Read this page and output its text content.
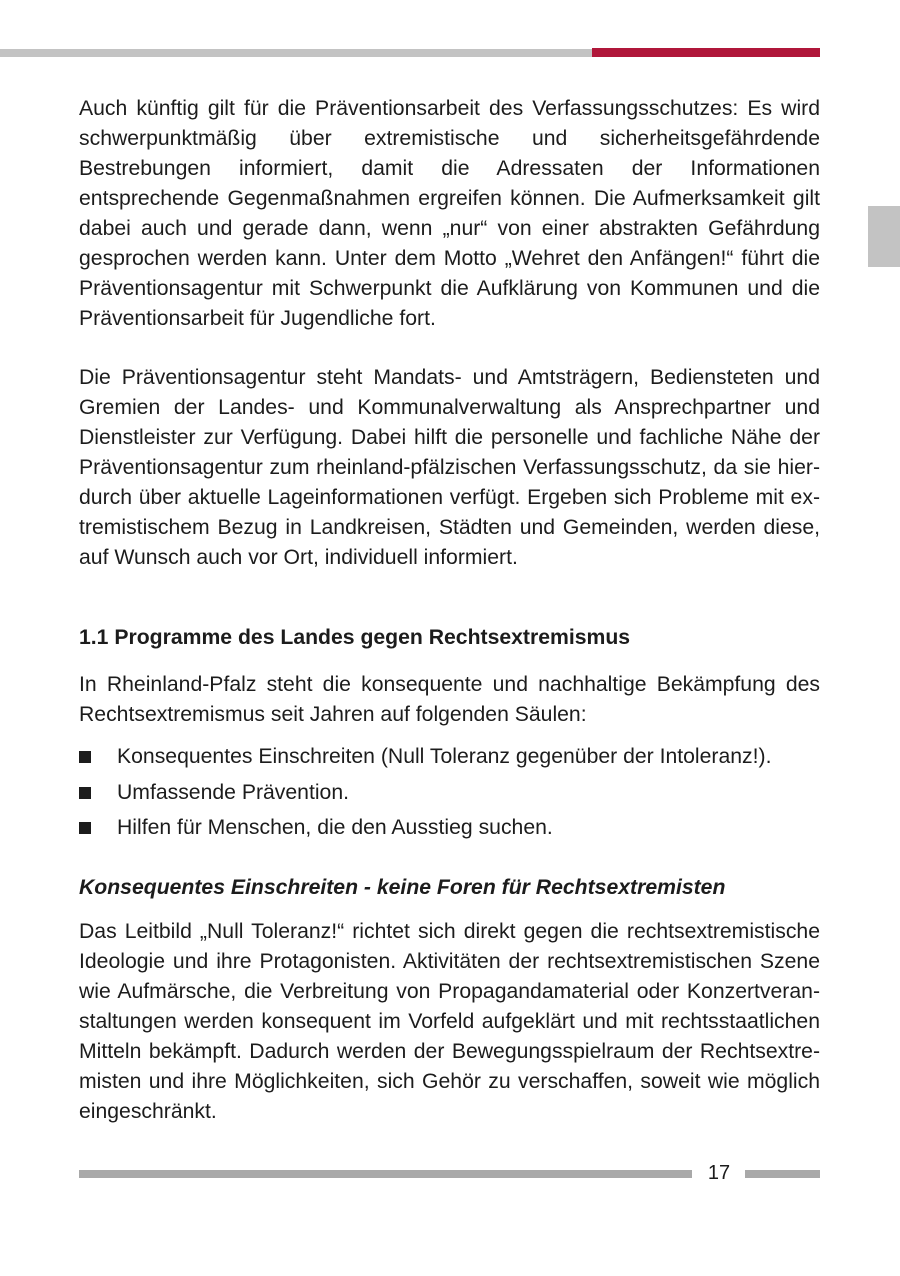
Auch künftig gilt für die Präventionsarbeit des Verfassungsschutzes: Es wird schwerpunktmäßig über extremistische und sicherheitsgefährdende Bestrebungen informiert, damit die Adressaten der Informationen entsprechende Gegenmaßnahmen ergreifen können. Die Aufmerksamkeit gilt dabei auch und gerade dann, wenn „nur“ von einer abstrakten Gefährdung gesprochen werden kann. Unter dem Motto „Wehret den Anfängen!“ führt die Präventionsagentur mit Schwerpunkt die Aufklärung von Kommunen und die Präventionsarbeit für Jugendliche fort.

Die Präventionsagentur steht Mandats- und Amtsträgern, Bediensteten und Gremien der Landes- und Kommunalverwaltung als Ansprechpartner und Dienstleister zur Verfügung. Dabei hilft die personelle und fachliche Nähe der Präventionsagentur zum rheinland-pfälzischen Verfassungsschutz, da sie hierdurch über aktuelle Lageinformationen verfügt. Ergeben sich Probleme mit extremistischem Bezug in Landkreisen, Städten und Gemeinden, werden diese, auf Wunsch auch vor Ort, individuell informiert.

1.1 Programme des Landes gegen Rechtsextremismus

In Rheinland-Pfalz steht die konsequente und nachhaltige Bekämpfung des Rechtsextremismus seit Jahren auf folgenden Säulen:

Konsequentes Einschreiten (Null Toleranz gegenüber der Intoleranz!).
Umfassende Prävention.
Hilfen für Menschen, die den Ausstieg suchen.
Konsequentes Einschreiten - keine Foren für Rechtsextremisten

Das Leitbild „Null Toleranz!“ richtet sich direkt gegen die rechtsextremistische Ideologie und ihre Protagonisten. Aktivitäten der rechtsextremistischen Szene wie Aufmärsche, die Verbreitung von Propagandamaterial oder Konzertveranstaltungen werden konsequent im Vorfeld aufgeklärt und mit rechtsstaatlichen Mitteln bekämpft. Dadurch werden der Bewegungsspielraum der Rechtsextremisten und ihre Möglichkeiten, sich Gehör zu verschaffen, soweit wie möglich eingeschränkt.

17
